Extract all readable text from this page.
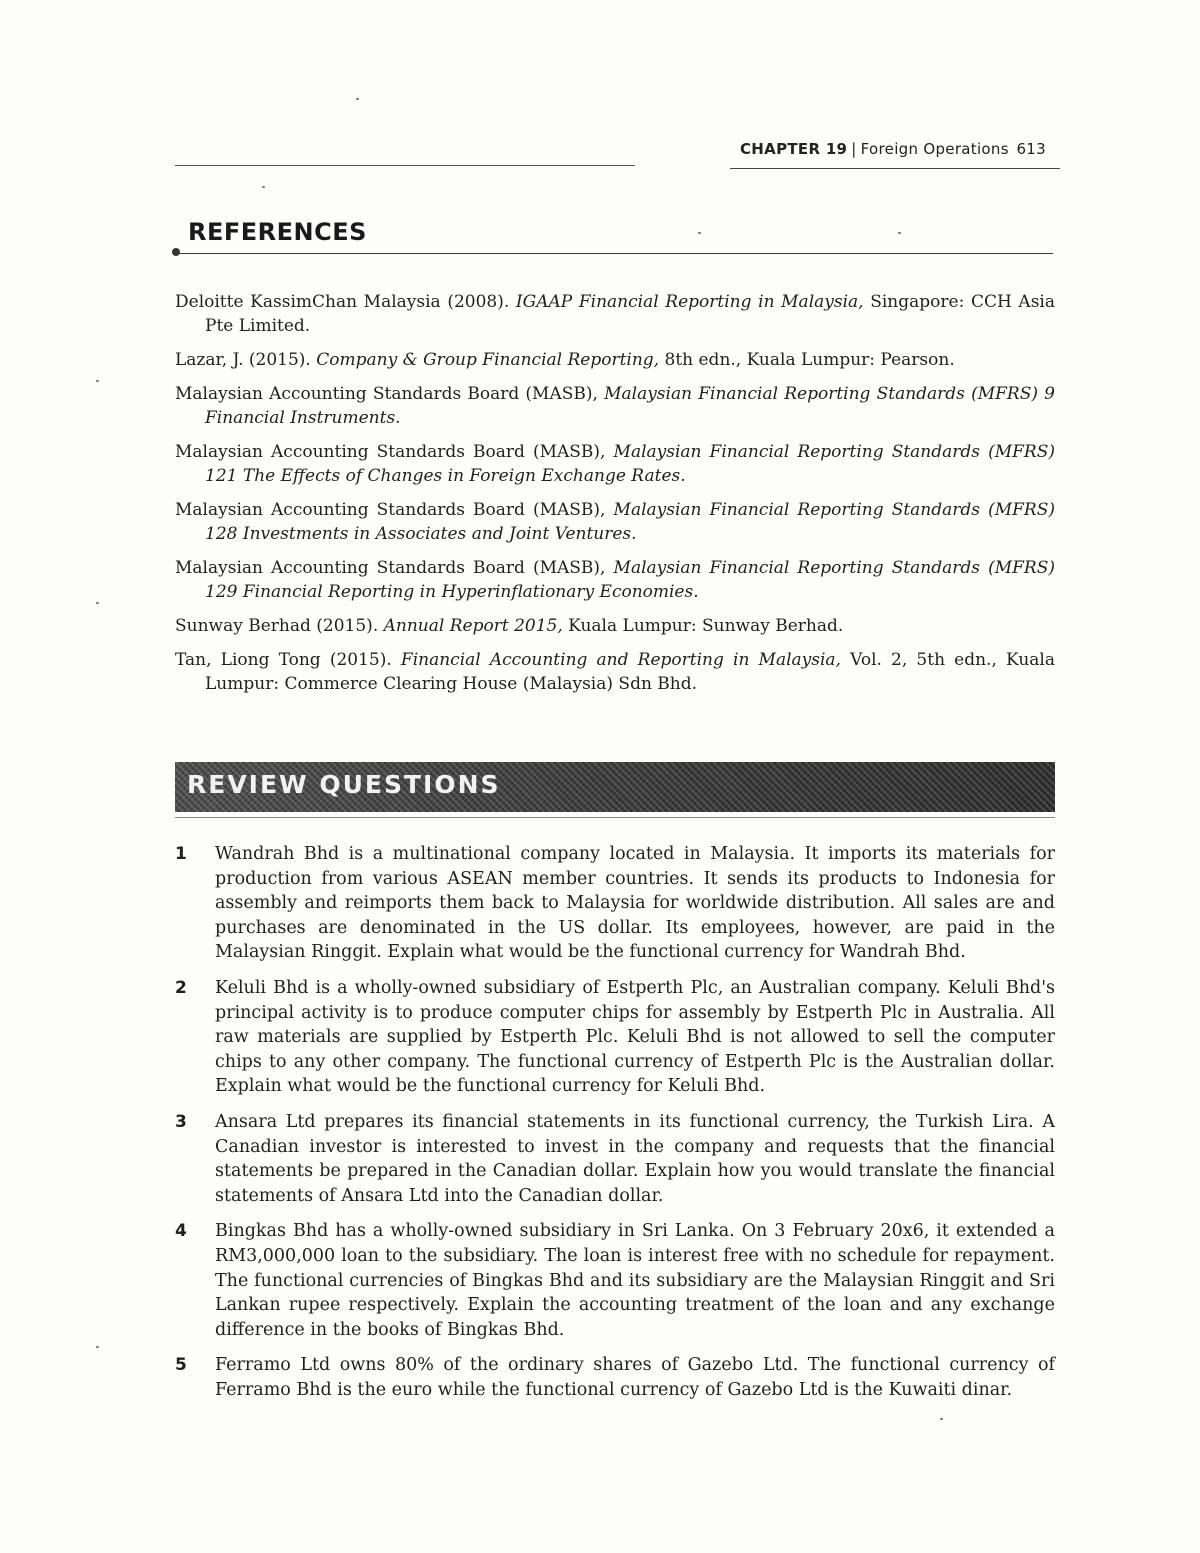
CHAPTER 19 | Foreign Operations 613
REFERENCES

Deloitte KassimChan Malaysia (2008). IGAAP Financial Reporting in Malaysia, Singapore: CCH Asia Pte Limited.

Lazar, J. (2015). Company & Group Financial Reporting, 8th edn., Kuala Lumpur: Pearson.

Malaysian Accounting Standards Board (MASB), Malaysian Financial Reporting Standards (MFRS) 9 Financial Instruments.

Malaysian Accounting Standards Board (MASB), Malaysian Financial Reporting Standards (MFRS) 121 The Effects of Changes in Foreign Exchange Rates.

Malaysian Accounting Standards Board (MASB), Malaysian Financial Reporting Standards (MFRS) 128 Investments in Associates and Joint Ventures.

Malaysian Accounting Standards Board (MASB), Malaysian Financial Reporting Standards (MFRS) 129 Financial Reporting in Hyperinflationary Economies.

Sunway Berhad (2015). Annual Report 2015, Kuala Lumpur: Sunway Berhad.

Tan, Liong Tong (2015). Financial Accounting and Reporting in Malaysia, Vol. 2, 5th edn., Kuala Lumpur: Commerce Clearing House (Malaysia) Sdn Bhd.

REVIEW QUESTIONS
1 Wandrah Bhd is a multinational company located in Malaysia. It imports its materials for production from various ASEAN member countries. It sends its products to Indonesia for assembly and reimports them back to Malaysia for worldwide distribution. All sales are and purchases are denominated in the US dollar. Its employees, however, are paid in the Malaysian Ringgit. Explain what would be the functional currency for Wandrah Bhd.
2 Keluli Bhd is a wholly-owned subsidiary of Estperth Plc, an Australian company. Keluli Bhd's principal activity is to produce computer chips for assembly by Estperth Plc in Australia. All raw materials are supplied by Estperth Plc. Keluli Bhd is not allowed to sell the computer chips to any other company. The functional currency of Estperth Plc is the Australian dollar. Explain what would be the functional currency for Keluli Bhd.
3 Ansara Ltd prepares its financial statements in its functional currency, the Turkish Lira. A Canadian investor is interested to invest in the company and requests that the financial statements be prepared in the Canadian dollar. Explain how you would translate the financial statements of Ansara Ltd into the Canadian dollar.
4 Bingkas Bhd has a wholly-owned subsidiary in Sri Lanka. On 3 February 20x6, it extended a RM3,000,000 loan to the subsidiary. The loan is interest free with no schedule for repayment. The functional currencies of Bingkas Bhd and its subsidiary are the Malaysian Ringgit and Sri Lankan rupee respectively. Explain the accounting treatment of the loan and any exchange difference in the books of Bingkas Bhd.
5 Ferramo Ltd owns 80% of the ordinary shares of Gazebo Ltd. The functional currency of Ferramo Bhd is the euro while the functional currency of Gazebo Ltd is the Kuwaiti dinar.
